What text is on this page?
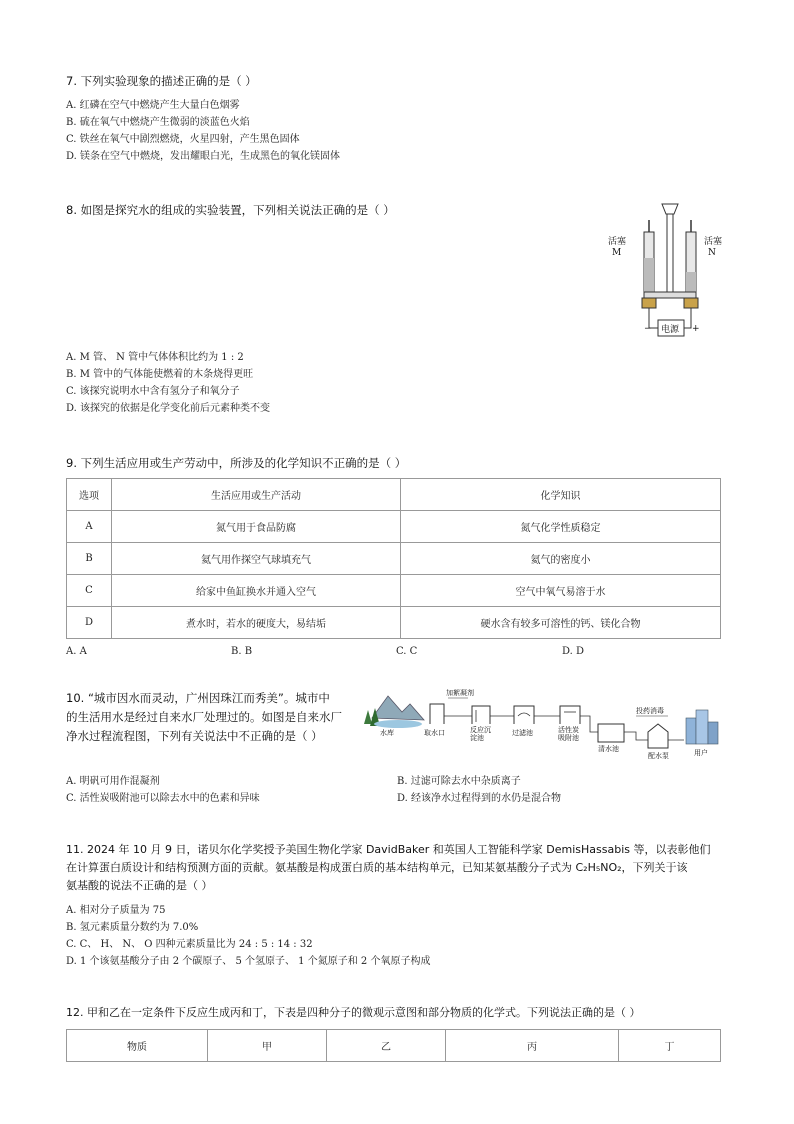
7. 下列实验现象的描述正确的是（ ）
A. 红磷在空气中燃烧产生大量白色烟雾
B. 硫在氧气中燃烧产生微弱的淡蓝色火焰
C. 铁丝在氧气中剧烈燃烧，火星四射，产生黑色固体
D. 镁条在空气中燃烧，发出耀眼白光，生成黑色的氧化镁固体
8. 如图是探究水的组成的实验装置，下列相关说法正确的是（ ）
活塞
M
活塞
N
电源
−	+
A. M 管、 N 管中气体体积比约为 1 : 2
B. M 管中的气体能使燃着的木条烧得更旺
C. 该探究说明水中含有氢分子和氧分子
D. 该探究的依据是化学变化前后元素种类不变
9. 下列生活应用或生产劳动中，所涉及的化学知识不正确的是（ ）
选项	生活应用或生产活动	化学知识
A	氮气用于食品防腐	氮气化学性质稳定
B	氦气用作探空气球填充气	氦气的密度小
C	给家中鱼缸换水并通入空气	空气中氧气易溶于水
D	煮水时，若水的硬度大，易结垢	硬水含有较多可溶性的钙、镁化合物
A. A	B. B	C. C	D. D
10. “城市因水而灵动，广州因珠江而秀美”。城市中
的生活用水是经过自来水厂处理过的。如图是自来水厂
净水过程流程图，下列有关说法中不正确的是（ ）	水库	取水口
加絮凝剂
反应沉淀池
过滤池	活性炭吸附池
清水池
投药消毒
配水泵	用户
A. 明矾可用作混凝剂	B. 过滤可除去水中杂质离子
C. 活性炭吸附池可以除去水中的色素和异味	D. 经该净水过程得到的水仍是混合物
11. 2024 年 10 月 9 日，诺贝尔化学奖授予美国生物化学家 DavidBaker 和英国人工智能科学家 DemisHassabis 等，以表彰他们
在计算蛋白质设计和结构预测方面的贡献。氨基酸是构成蛋白质的基本结构单元，已知某氨基酸分子式为 C₂H₅NO₂，下列关于该
氨基酸的说法不正确的是（ ）
A. 相对分子质量为 75
B. 氢元素质量分数约为 7.0%
C. C、 H、 N、 O 四种元素质量比为 24 : 5 : 14 : 32
D. 1 个该氨基酸分子由 2 个碳原子、 5 个氢原子、 1 个氮原子和 2 个氧原子构成
12. 甲和乙在一定条件下反应生成丙和丁，下表是四种分子的微观示意图和部分物质的化学式。下列说法正确的是（ ）
物质	甲	乙	丙	丁
